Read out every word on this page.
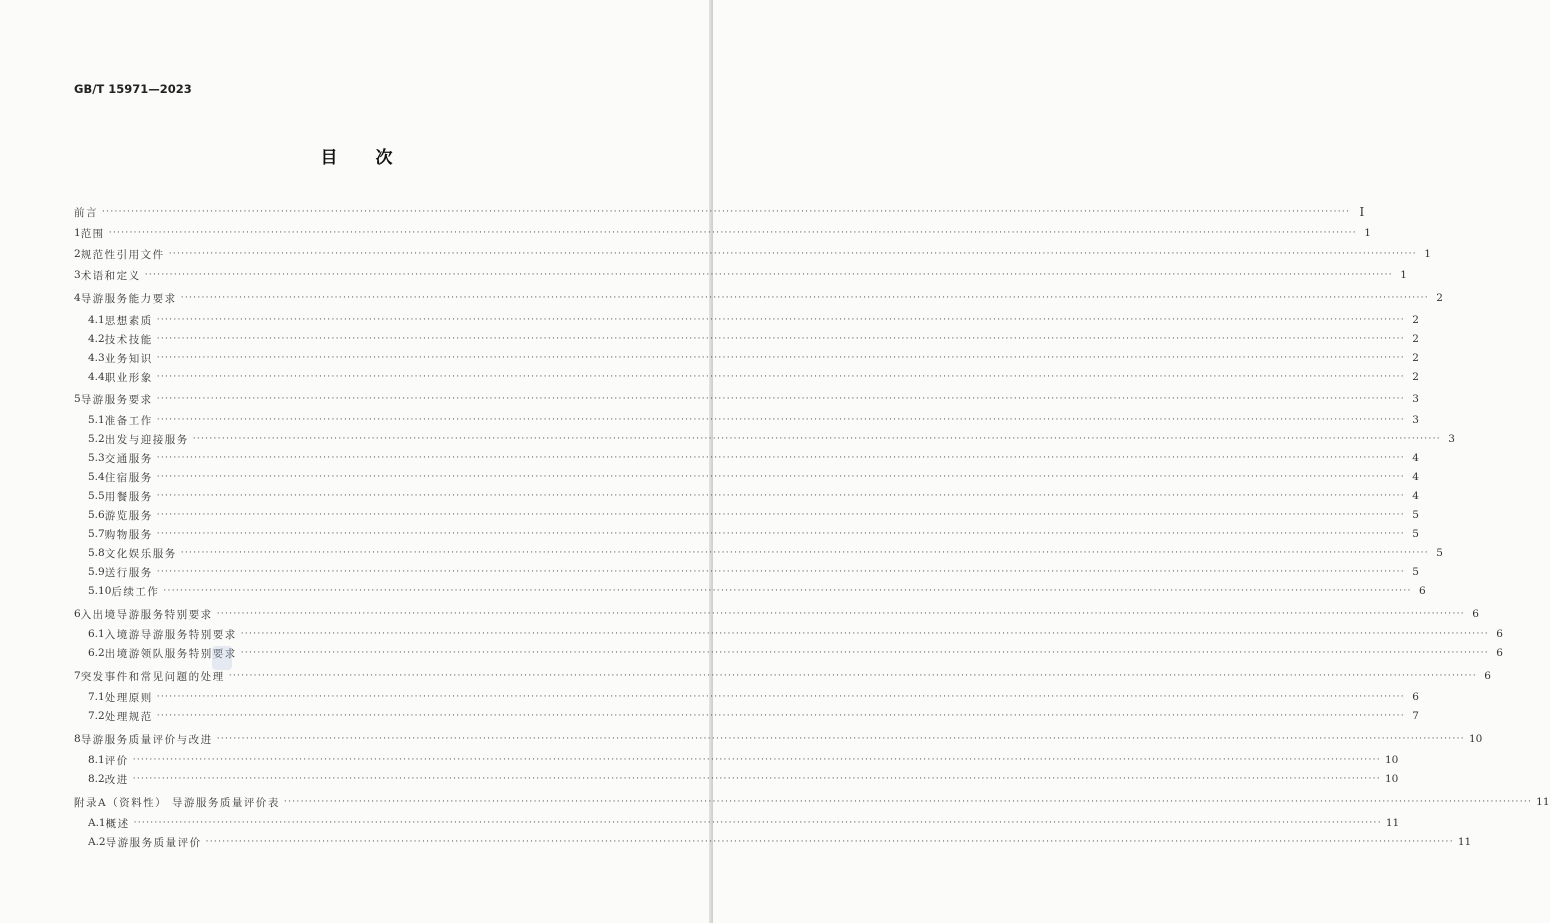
GB/T 15971—2023
目次
前言 ············································································································································································································································································································ Ⅰ
1 范围 ············································································································································································································································································································ 1
2 规范性引用文件 ············································································································································································································································································································ 1
3 术语和定义 ············································································································································································································································································································ 1
4 导游服务能力要求 ············································································································································································································································································································ 2
4.1 思想素质 ············································································································································································································································································································ 2
4.2 技术技能 ············································································································································································································································································································ 2
4.3 业务知识 ············································································································································································································································································································ 2
4.4 职业形象 ············································································································································································································································································································ 2
5 导游服务要求 ············································································································································································································································································································ 3
5.1 准备工作 ············································································································································································································································································································ 3
5.2 出发与迎接服务 ············································································································································································································································································································ 3
5.3 交通服务 ············································································································································································································································································································ 4
5.4 住宿服务 ············································································································································································································································································································ 4
5.5 用餐服务 ············································································································································································································································································································ 4
5.6 游览服务 ············································································································································································································································································································ 5
5.7 购物服务 ············································································································································································································································································································ 5
5.8 文化娱乐服务 ············································································································································································································································································································ 5
5.9 送行服务 ············································································································································································································································································································ 5
5.10 后续工作 ············································································································································································································································································································ 6
6 入出境导游服务特别要求 ············································································································································································································································································································ 6
6.1 入境游导游服务特别要求 ············································································································································································································································································································ 6
6.2 出境游领队服务特别要求 ············································································································································································································································································································ 6
7 突发事件和常见问题的处理 ············································································································································································································································································································ 6
7.1 处理原则 ············································································································································································································································································································ 6
7.2 处理规范 ············································································································································································································································································································ 7
8 导游服务质量评价与改进 ············································································································································································································································································································ 10
8.1 评价 ············································································································································································································································································································ 10
8.2 改进 ············································································································································································································································································································ 10
附录A（资料性） 导游服务质量评价表 ············································································································································································································································································································ 11
A.1 概述 ············································································································································································································································································································ 11
A.2 导游服务质量评价 ············································································································································································································································································································ 11
